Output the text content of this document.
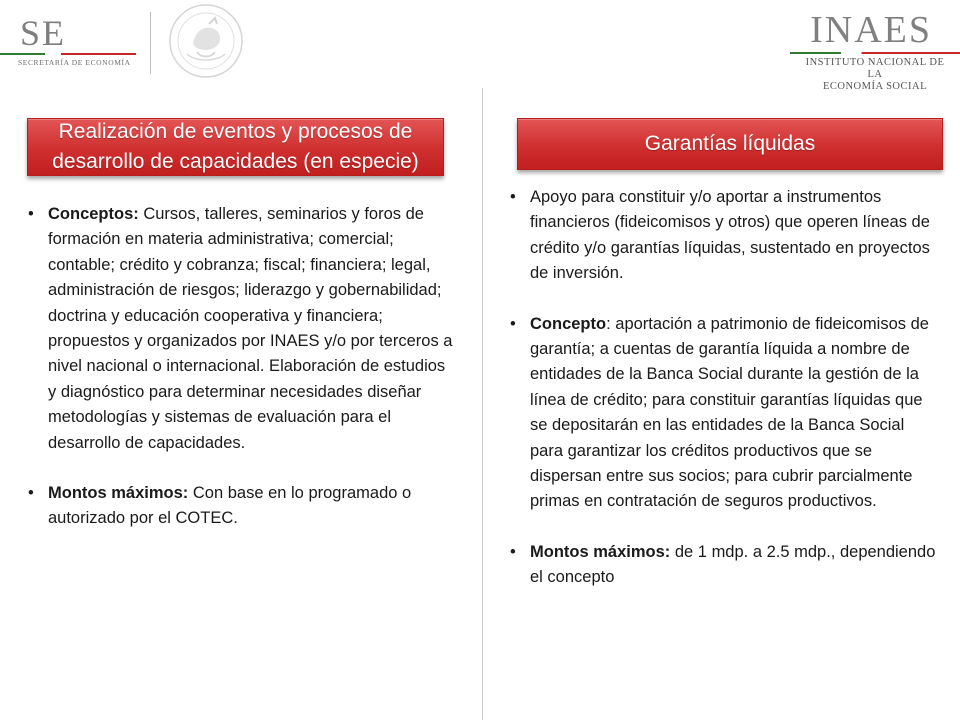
SE
SECRETARÍA DE ECONOMÍA
INAES
INSTITUTO NACIONAL DE LA
ECONOMÍA SOCIAL
Realización de eventos y procesos de
desarrollo de capacidades (en especie)
Garantías líquidas
• Conceptos: Cursos, talleres, seminarios y foros de formación en materia administrativa; comercial; contable; crédito y cobranza; fiscal; financiera; legal, administración de riesgos; liderazgo y gobernabilidad; doctrina y educación cooperativa y financiera; propuestos y organizados por INAES y/o por terceros a nivel nacional o internacional. Elaboración de estudios y diagnóstico para determinar necesidades diseñar metodologías y sistemas de evaluación para el desarrollo de capacidades.
• Montos máximos: Con base en lo programado o autorizado por el COTEC.
• Apoyo para constituir y/o aportar a instrumentos financieros (fideicomisos y otros) que operen líneas de crédito y/o garantías líquidas, sustentado en proyectos de inversión.
• Concepto: aportación a patrimonio de fideicomisos de garantía; a cuentas de garantía líquida a nombre de entidades de la Banca Social durante la gestión de la línea de crédito; para constituir garantías líquidas que se depositarán en las entidades de la Banca Social para garantizar los créditos productivos que se dispersan entre sus socios; para cubrir parcialmente primas en contratación de seguros productivos.
• Montos máximos: de 1 mdp. a 2.5 mdp., dependiendo el concepto
